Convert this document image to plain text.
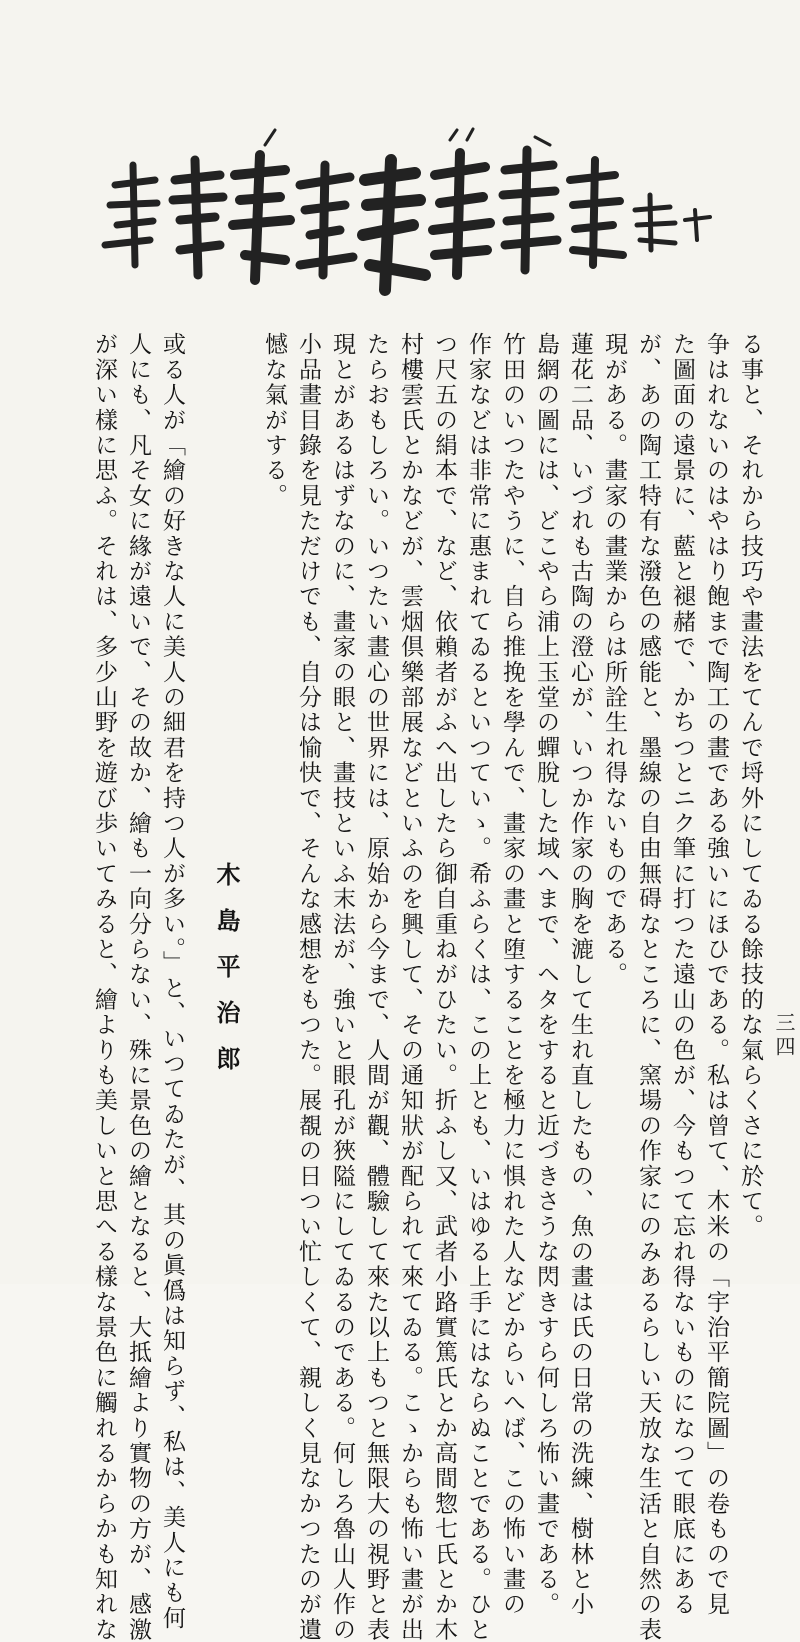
三四
る事と、それから技巧や畫法をてんで埒外にしてゐる餘技的な氣らくさに於て。
争はれないのはやはり飽まで陶工の畫である強いにほひである。私は曾て、木米の「宇治平簡院圖」の卷もので見
た圖面の遠景に、藍と褪赭で、かちつとニク筆に打つた遠山の色が、今もつて忘れ得ないものになつて眼底にある
が、あの陶工特有な潑色の感能と、墨線の自由無碍なところに、窯場の作家にのみあるらしい天放な生活と自然の表
現がある。畫家の畫業からは所詮生れ得ないものである。
蓮花二品、いづれも古陶の澄心が、いつか作家の胸を漉して生れ直したもの、魚の畫は氏の日常の洗練、樹林と小
島網の圖には、どこやら浦上玉堂の蟬脫した域へまで、ヘタをすると近づきさうな閃きすら何しろ怖い畫である。
竹田のいつたやうに、自ら推挽を學んで、畫家の畫と堕することを極力に惧れた人などからいへば、この怖い畫の
作家などは非常に惠まれてゐるといつていゝ。希ふらくは、この上とも、いはゆる上手にはならぬことである。ひと
つ尺五の絹本で、など、依賴者がふへ出したら御自重ねがひたい。折ふし又、武者小路實篤氏とか高間惣七氏とか木
村樓雲氏とかなどが、雲烟倶樂部展などといふのを興して、その通知狀が配られて來てゐる。こゝからも怖い畫が出
たらおもしろい。いつたい畫心の世界には、原始から今まで、人間が觀、體驗して來た以上もつと無限大の視野と表
現とがあるはずなのに、畫家の眼と、畫技といふ末法が、強いと眼孔が狹隘にしてゐるのである。何しろ魯山人作の
小品畫目錄を見ただけでも、自分は愉快で、そんな感想をもつた。展覩の日つい忙しくて、親しく見なかつたのが遺
憾な氣がする。
木島平治郎
或る人が「繪の好きな人に美人の細君を持つ人が多い。」と、いつてゐたが、其の眞僞は知らず、私は、美人にも何
人にも、凡そ女に緣が遠いで、その故か、繪も一向分らない、殊に景色の繪となると、大抵繪より實物の方が、感激
が深い樣に思ふ。それは、多少山野を遊び歩いてみると、繪よりも美しいと思へる樣な景色に觸れるからかも知れな
